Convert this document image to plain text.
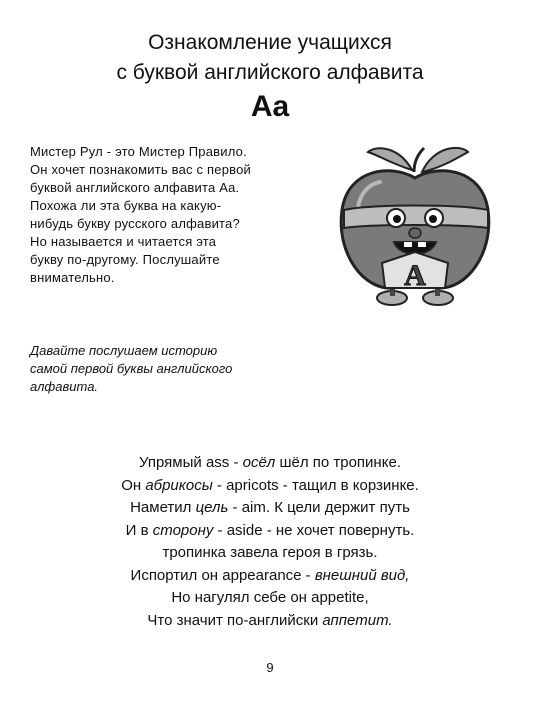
Ознакомление учащихся
с буквой английского алфавита
Aa
Мистер Рул - это Мистер Правило.
Он хочет познакомить вас с первой
буквой английского алфавита Aa.
Похожа ли эта буква на какую-
нибудь букву русского алфавита?
Но называется и читается эта
букву по-другому. Послушайте
внимательно.	A
Давайте послушаем историю
самой первой буквы английского
алфавита.
Упрямый ass - осёл шёл по тропинке.
Он абрикосы - apricots - тащил в корзинке.
Наметил цель - aim. К цели держит путь
И в сторону - aside - не хочет повернуть.
тропинка завела героя в грязь.
Испортил он appearance - внешний вид,
Но нагулял себе он appetite,
Что значит по-английски аппетит.
9
